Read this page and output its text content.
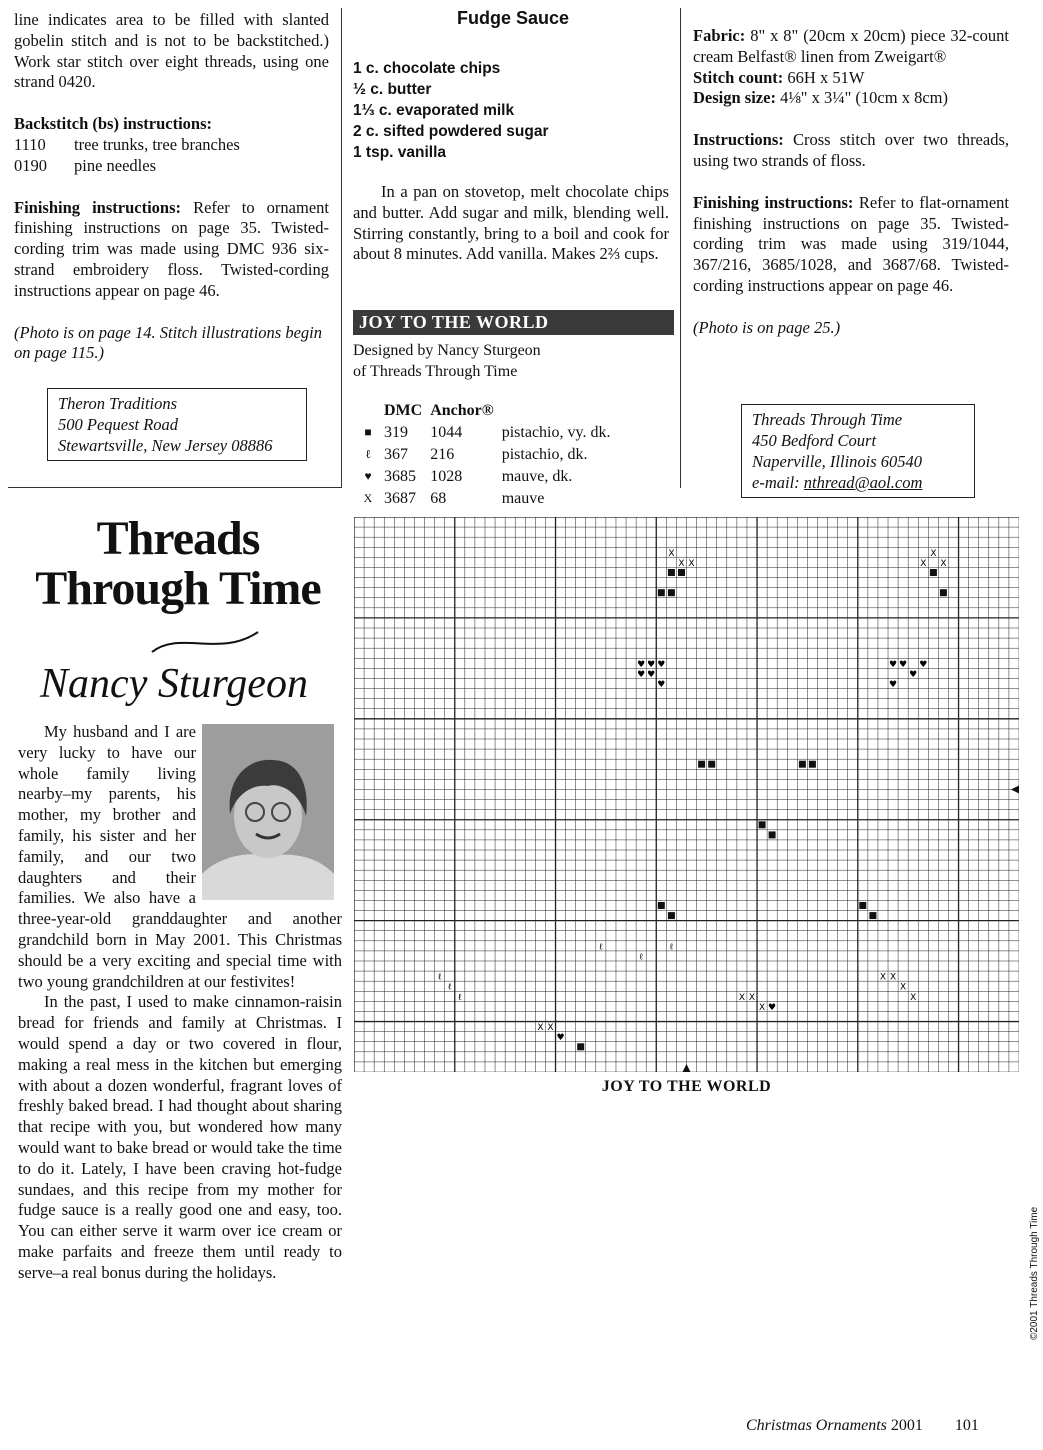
line indicates area to be filled with slanted gobelin stitch and is not to be backstitched.) Work star stitch over eight threads, using one strand 0420.

Backstitch (bs) instructions:

1110 tree trunks, tree branches

0190 pine needles

Finishing instructions: Refer to ornament finishing instructions on page 35. Twisted-cording trim was made using DMC 936 six-strand embroidery floss. Twisted-cording instructions appear on page 46.

(Photo is on page 14. Stitch illustrations begin on page 115.)

Theron Traditions
500 Pequest Road
Stewartsville, New Jersey 08886
Fudge Sauce
1 c. chocolate chips
½ c. butter
1⅓ c. evaporated milk
2 c. sifted powdered sugar
1 tsp. vanilla
In a pan on stovetop, melt chocolate chips and butter. Add sugar and milk, blending well. Stirring constantly, bring to a boil and cook for about 8 minutes. Add vanilla. Makes 2⅔ cups.
JOY TO THE WORLD
Designed by Nancy Sturgeon
of Threads Through Time
	DMC	Anchor®	
■	319	1044	pistachio, vy. dk.
ℓ	367	216	pistachio, dk.
♥	3685	1028	mauve, dk.
X	3687	68	mauve

Fabric: 8" x 8" (20cm x 20cm) piece 32-count cream Belfast® linen from Zweigart®

Stitch count: 66H x 51W

Design size: 4⅛" x 3¼" (10cm x 8cm)

Instructions: Cross stitch over two threads, using two strands of floss.

Finishing instructions: Refer to flat-ornament finishing instructions on page 35. Twisted-cording trim was made using 319/1044, 367/216, 3685/1028, and 3687/68. Twisted-cording instructions appear on page 46.

(Photo is on page 25.)

Threads Through Time
450 Bedford Court
Naperville, Illinois 60540
e-mail: nthread@aol.com
Threads
Through Time
Nancy Sturgeon

My husband and I are very lucky to have our whole family living nearby–my parents, his mother, my brother and family, his sister and her family, and our two daughters and their families. We also have a three-year-old granddaughter and another grandchild born in May 2001. This Christmas should be a very exciting and special time with two young grandchildren at our festivites!

In the past, I used to make cinnamon-raisin bread for friends and family at Christmas. I would spend a day or two covered in flour, making a real mess in the kitchen but emerging with about a dozen wonderful, fragrant loves of freshly baked bread. I had thought about sharing that recipe with you, but wondered how many would want to bake bread or would take the time to do it. Lately, I have been craving hot-fudge sundaes, and this recipe from my mother for fudge sauce is a really good one and easy, too. You can either serve it warm over ice cream or make parfaits and freeze them until ready to serve–a real bonus during the holidays.

X
X X
X
X
X
♥ ♥ ♥
♥ ♥
♥
♥ ♥
♥
♥
♥
X X
X
X
X X
X ♥
X X
♥
ℓ
ℓ
ℓ
ℓ
ℓ
ℓ
JOY TO THE WORLD
©2001 Threads Through Time
Christmas Ornaments 2001 101
